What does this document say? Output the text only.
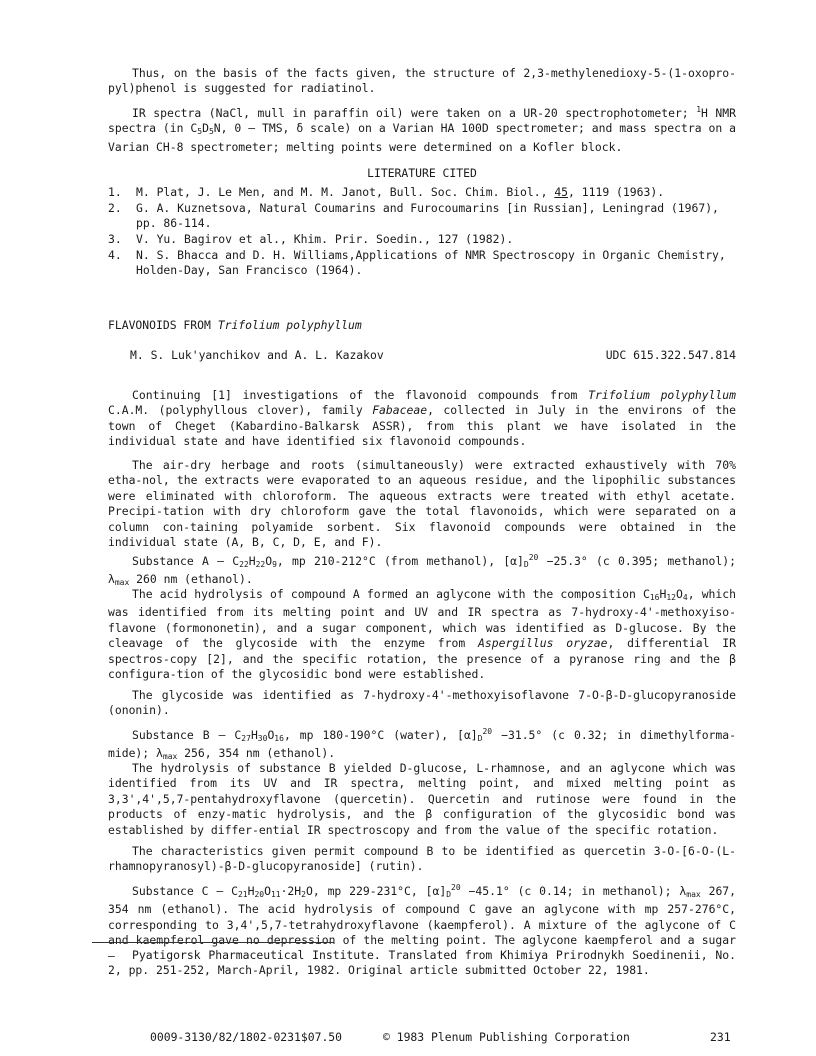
Thus, on the basis of the facts given, the structure of 2,3-methylenedioxy-5-(1-oxopro-pyl)phenol is suggested for radiatinol.

IR spectra (NaCl, mull in paraffin oil) were taken on a UR-20 spectrophotometer; $^1$H NMR spectra (in $C_5D_5N$, 0 — TMS, δ scale) on a Varian HA 100D spectrometer; and mass spectra on a Varian CH-8 spectrometer; melting points were determined on a Kofler block.

LITERATURE CITED
1.	M. Plat, J. Le Men, and M. M. Janot, Bull. Soc. Chim. Biol., 45, 1119 (1963).
2.	G. A. Kuznetsova, Natural Coumarins and Furocoumarins [in Russian], Leningrad (1967), pp. 86-114.
3.	V. Yu. Bagirov et al., Khim. Prir. Soedin., 127 (1982).
4.	N. S. Bhacca and D. H. Williams,Applications of NMR Spectroscopy in Organic Chemistry, Holden-Day, San Francisco (1964).
FLAVONOIDS FROM Trifolium polyphyllum
M. S. Luk'yanchikov and A. L. Kazakov	UDC 615.322.547.814

Continuing [1] investigations of the flavonoid compounds from Trifolium polyphyllum C.A.M. (polyphyllous clover), family Fabaceae, collected in July in the environs of the town of Cheget (Kabardino-Balkarsk ASSR), from this plant we have isolated in the individual state and have identified six flavonoid compounds.

The air-dry herbage and roots (simultaneously) were extracted exhaustively with 70% etha-nol, the extracts were evaporated to an aqueous residue, and the lipophilic substances were eliminated with chloroform. The aqueous extracts were treated with ethyl acetate. Precipi-tation with dry chloroform gave the total flavonoids, which were separated on a column con-taining polyamide sorbent. Six flavonoid compounds were obtained in the individual state (A, B, C, D, E, and F).

Substance A — $C_{22}H_{22}O_9$, mp 210-212°C (from methanol), $[\alpha]_D^{20} -25.3^\circ$ (c 0.395; methanol); $\lambda_{max}$ 260 nm (ethanol).

The acid hydrolysis of compound A formed an aglycone with the composition $C_{16}H_{12}O_4$, which was identified from its melting point and UV and IR spectra as 7-hydroxy-4'-methoxyiso-flavone (formononetin), and a sugar component, which was identified as D-glucose. By the cleavage of the glycoside with the enzyme from Aspergillus oryzae, differential IR spectros-copy [2], and the specific rotation, the presence of a pyranose ring and the β configura-tion of the glycosidic bond were established.

The glycoside was identified as 7-hydroxy-4'-methoxyisoflavone 7-O-β-D-glucopyranoside (ononin).

Substance B — $C_{27}H_{30}O_{16}$, mp 180-190°C (water), $[\alpha]_D^{20} -31.5^\circ$ (c 0.32; in dimethylforma-mide); $\lambda_{max}$ 256, 354 nm (ethanol).

The hydrolysis of substance B yielded D-glucose, L-rhamnose, and an aglycone which was identified from its UV and IR spectra, melting point, and mixed melting point as 3,3',4',5,7-pentahydroxyflavone (quercetin). Quercetin and rutinose were found in the products of enzy-matic hydrolysis, and the β configuration of the glycosidic bond was established by differ-ential IR spectroscopy and from the value of the specific rotation.

The characteristics given permit compound B to be identified as quercetin 3-O-[6-O-(L-rhamnopyranosyl)-β-D-glucopyranoside] (rutin).

Substance C — $C_{21}H_{20}O_{11}\cdot 2H_2O$, mp 229-231°C, $[\alpha]_D^{20} -45.1^\circ$ (c 0.14; in methanol); $\lambda_{max}$ 267, 354 nm (ethanol). The acid hydrolysis of compound C gave an aglycone with mp 257-276°C, corresponding to 3,4',5,7-tetrahydroxyflavone (kaempferol). A mixture of the aglycone of C and kaempferol gave no depression of the melting point. The aglycone kaempferol and a sugar —	Pyatigorsk Pharmaceutical Institute. Translated from Khimiya Prirodnykh Soedinenii, No. 2, pp. 251-252, March-April, 1982. Original article submitted October 22, 1981.

0009-3130/82/1802-0231$07.50	© 1983 Plenum Publishing Corporation	231
